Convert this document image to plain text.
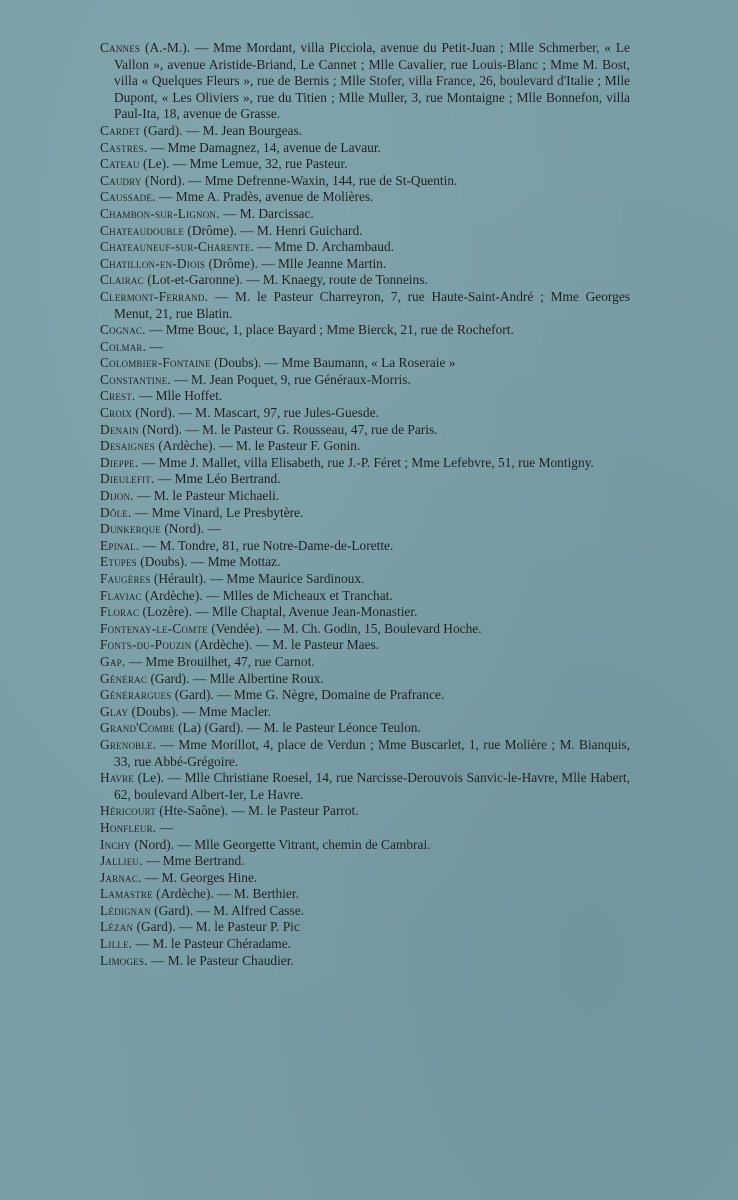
Cannes (A.-M.). — Mme Mordant, villa Picciola, avenue du Petit-Juan ; Mlle Schmerber, « Le Vallon », avenue Aristide-Briand, Le Cannet ; Mlle Cavalier, rue Louis-Blanc ; Mme M. Bost, villa « Quelques Fleurs », rue de Bernis ; Mlle Stofer, villa France, 26, boulevard d'Italie ; Mlle Dupont, « Les Oliviers », rue du Titien ; Mlle Muller, 3, rue Montaigne ; Mlle Bonnefon, villa Paul-Ita, 18, avenue de Grasse.

Cardet (Gard). — M. Jean Bourgeas.

Castres. — Mme Damagnez, 14, avenue de Lavaur.

Cateau (Le). — Mme Lemue, 32, rue Pasteur.

Caudry (Nord). — Mme Defrenne-Waxin, 144, rue de St-Quentin.

Caussade. — Mme A. Pradès, avenue de Molières.

Chambon-sur-Lignon. — M. Darcissac.

Chateaudouble (Drôme). — M. Henri Guichard.

Chateauneuf-sur-Charente. — Mme D. Archambaud.

Chatillon-en-Diois (Drôme). — Mlle Jeanne Martin.

Clairac (Lot-et-Garonne). — M. Knaegy, route de Tonneins.

Clermont-Ferrand. — M. le Pasteur Charreyron, 7, rue Haute-Saint-André ; Mme Georges Menut, 21, rue Blatin.

Cognac. — Mme Bouc, 1, place Bayard ; Mme Bierck, 21, rue de Rochefort.

Colmar. —

Colombier-Fontaine (Doubs). — Mme Baumann, « La Roseraie »

Constantine. — M. Jean Poquet, 9, rue Généraux-Morris.

Crest. — Mlle Hoffet.

Croix (Nord). — M. Mascart, 97, rue Jules-Guesde.

Denain (Nord). — M. le Pasteur G. Rousseau, 47, rue de Paris.

Desaignes (Ardèche). — M. le Pasteur F. Gonin.

Dieppe. — Mme J. Mallet, villa Elisabeth, rue J.-P. Féret ; Mme Lefebvre, 51, rue Montigny.

Dieulefit. — Mme Léo Bertrand.

Dijon. — M. le Pasteur Michaeli.

Dôle. — Mme Vinard, Le Presbytère.

Dunkerque (Nord). —

Epinal. — M. Tondre, 81, rue Notre-Dame-de-Lorette.

Etupes (Doubs). — Mme Mottaz.

Faugères (Hérault). — Mme Maurice Sardinoux.

Flaviac (Ardèche). — Mlles de Micheaux et Tranchat.

Florac (Lozère). — Mlle Chaptal, Avenue Jean-Monastier.

Fontenay-le-Comte (Vendée). — M. Ch. Godin, 15, Boulevard Hoche.

Fonts-du-Pouzin (Ardèche). — M. le Pasteur Maes.

Gap. — Mme Brouilhet, 47, rue Carnot.

Générac (Gard). — Mlle Albertine Roux.

Générargues (Gard). — Mme G. Nègre, Domaine de Prafrance.

Glay (Doubs). — Mme Macler.

Grand'Combe (La) (Gard). — M. le Pasteur Léonce Teulon.

Grenoble. — Mme Morillot, 4, place de Verdun ; Mme Buscarlet, 1, rue Molière ; M. Bianquis, 33, rue Abbé-Grégoire.

Havre (Le). — Mlle Christiane Roesel, 14, rue Narcisse-Derouvois Sanvic-le-Havre, Mlle Habert, 62, boulevard Albert-Ier, Le Havre.

Héricourt (Hte-Saône). — M. le Pasteur Parrot.

Honfleur. —

Inchy (Nord). — Mlle Georgette Vitrant, chemin de Cambrai.

Jallieu. — Mme Bertrand.

Jarnac. — M. Georges Hine.

Lamastre (Ardèche). — M. Berthier.

Lédignan (Gard). — M. Alfred Casse.

Lézan (Gard). — M. le Pasteur P. Pic

Lille. — M. le Pasteur Chéradame.

Limoges. — M. le Pasteur Chaudier.
